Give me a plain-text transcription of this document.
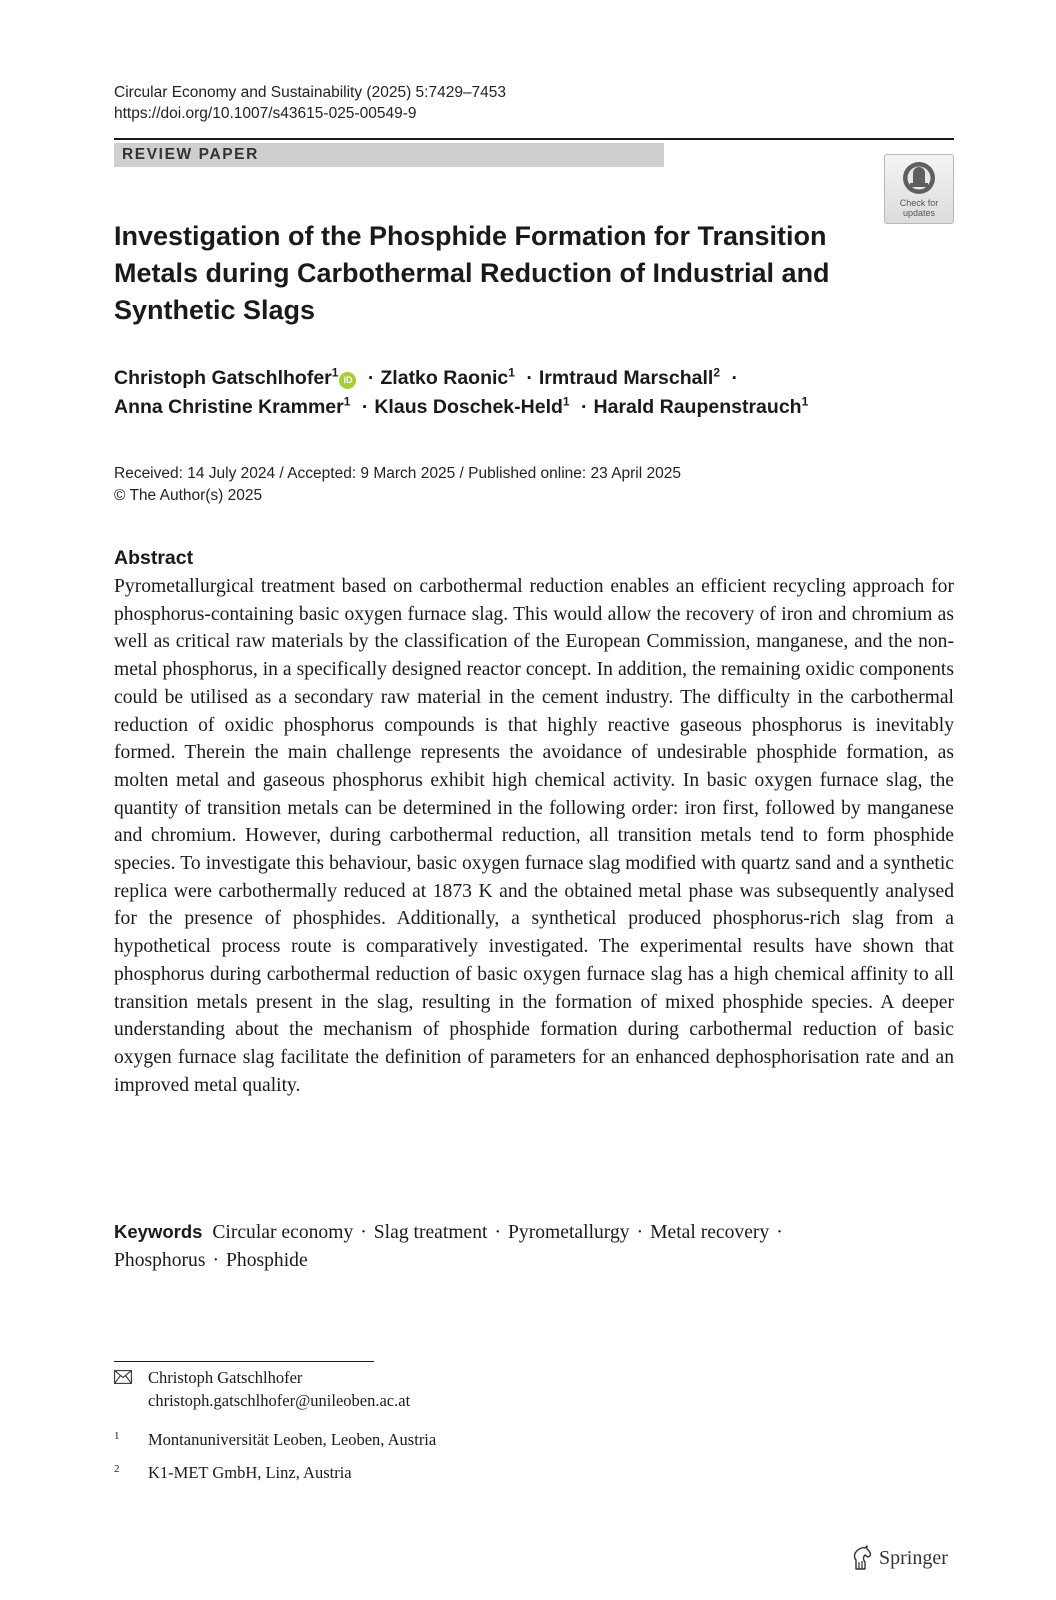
Circular Economy and Sustainability (2025) 5:7429–7453
https://doi.org/10.1007/s43615-025-00549-9
REVIEW PAPER
Check for updates
Investigation of the Phosphide Formation for Transition Metals during Carbothermal Reduction of Industrial and Synthetic Slags
Christoph Gatschlhofer$^1$iD · Zlatko Raonic$^1$ · Irmtraud Marschall$^2$ ·
Anna Christine Krammer$^1$ · Klaus Doschek-Held$^1$ · Harald Raupenstrauch$^1$
Received: 14 July 2024 / Accepted: 9 March 2025 / Published online: 23 April 2025
© The Author(s) 2025
Abstract

Pyrometallurgical treatment based on carbothermal reduction enables an efficient recycling approach for phosphorus-containing basic oxygen furnace slag. This would allow the recovery of iron and chromium as well as critical raw materials by the classification of the European Commission, manganese, and the non-metal phosphorus, in a specifically designed reactor concept. In addition, the remaining oxidic components could be utilised as a secondary raw material in the cement industry. The difficulty in the carbothermal reduction of oxidic phosphorus compounds is that highly reactive gaseous phosphorus is inevitably formed. Therein the main challenge represents the avoidance of undesirable phosphide formation, as molten metal and gaseous phosphorus exhibit high chemical activity. In basic oxygen furnace slag, the quantity of transition metals can be determined in the following order: iron first, followed by manganese and chromium. However, during carbothermal reduction, all transition metals tend to form phosphide species. To investigate this behaviour, basic oxygen furnace slag modified with quartz sand and a synthetic replica were carbothermally reduced at 1873 K and the obtained metal phase was subsequently analysed for the presence of phosphides. Additionally, a synthetical produced phosphorus-rich slag from a hypothetical process route is comparatively investigated. The experimental results have shown that phosphorus during carbothermal reduction of basic oxygen furnace slag has a high chemical affinity to all transition metals present in the slag, resulting in the formation of mixed phosphide species. A deeper understanding about the mechanism of phosphide formation during carbothermal reduction of basic oxygen furnace slag facilitate the definition of parameters for an enhanced dephosphorisation rate and an improved metal quality.

Keywords Circular economy · Slag treatment · Pyrometallurgy · Metal recovery ·
Phosphorus · Phosphide
Christoph Gatschlhofer
christoph.gatschlhofer@unileoben.ac.at
1	Montanuniversität Leoben, Leoben, Austria
2	K1-MET GmbH, Linz, Austria
Springer
